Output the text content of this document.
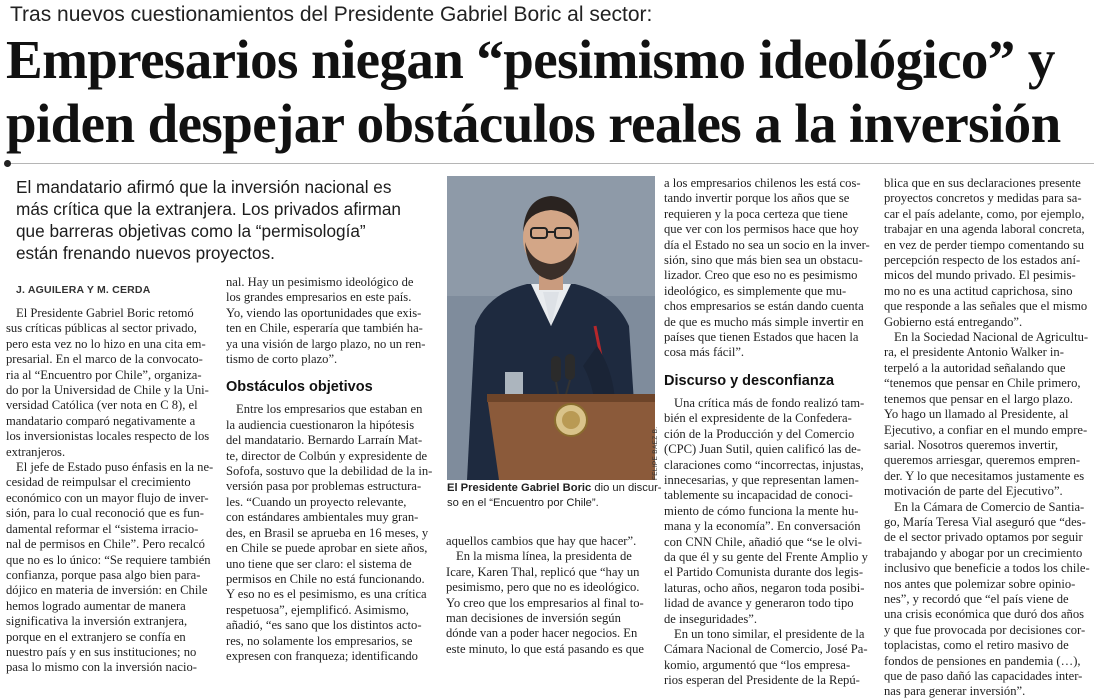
Tras nuevos cuestionamientos del Presidente Gabriel Boric al sector:
Empresarios niegan “pesimismo ideológico” y
piden despejar obstáculos reales a la inversión
El mandatario afirmó que la inversión nacional es
más crítica que la extranjera. Los privados afirman
que barreras objetivas como la “permisología”
están frenando nuevos proyectos.
J. AGUILERA Y M. CERDA
El Presidente Gabriel Boric retomó
sus críticas públicas al sector privado,
pero esta vez no lo hizo en una cita em-
presarial. En el marco de la convocato-
ria al “Encuentro por Chile”, organiza-
do por la Universidad de Chile y la Uni-
versidad Católica (ver nota en C 8), el
mandatario comparó negativamente a
los inversionistas locales respecto de los
extranjeros.
El jefe de Estado puso énfasis en la ne-
cesidad de reimpulsar el crecimiento
económico con un mayor flujo de inver-
sión, para lo cual reconoció que es fun-
damental reformar el “sistema irracio-
nal de permisos en Chile”. Pero recalcó
que no es lo único: “Se requiere también
confianza, porque pasa algo bien para-
dójico en materia de inversión: en Chile
hemos logrado aumentar de manera
significativa la inversión extranjera,
porque en el extranjero se confía en
nuestro país y en sus instituciones; no
pasa lo mismo con la inversión nacio-
nal. Hay un pesimismo ideológico de
los grandes empresarios en este país.
Yo, viendo las oportunidades que exis-
ten en Chile, esperaría que también ha-
ya una visión de largo plazo, no un ren-
tismo de corto plazo”.
Obstáculos objetivos
Entre los empresarios que estaban en
la audiencia cuestionaron la hipótesis
del mandatario. Bernardo Larraín Mat-
te, director de Colbún y expresidente de
Sofofa, sostuvo que la debilidad de la in-
versión pasa por problemas estructura-
les. “Cuando un proyecto relevante,
con estándares ambientales muy gran-
des, en Brasil se aprueba en 16 meses, y
en Chile se puede aprobar en siete años,
uno tiene que ser claro: el sistema de
permisos en Chile no está funcionando.
Y eso no es el pesimismo, es una crítica
respetuosa”, ejemplificó. Asimismo,
añadió, “es sano que los distintos acto-
res, no solamente los empresarios, se
expresen con franqueza; identificando
FELIPE BAEZ B.
El Presidente Gabriel Boric dio un discur-
so en el “Encuentro por Chile”.
aquellos cambios que hay que hacer”.
En la misma línea, la presidenta de
Icare, Karen Thal, replicó que “hay un
pesimismo, pero que no es ideológico.
Yo creo que los empresarios al final to-
man decisiones de inversión según
dónde van a poder hacer negocios. En
este minuto, lo que está pasando es que
a los empresarios chilenos les está cos-
tando invertir porque los años que se
requieren y la poca certeza que tiene
que ver con los permisos hace que hoy
día el Estado no sea un socio en la inver-
sión, sino que más bien sea un obstacu-
lizador. Creo que eso no es pesimismo
ideológico, es simplemente que mu-
chos empresarios se están dando cuenta
de que es mucho más simple invertir en
países que tienen Estados que hacen la
cosa más fácil”.
Discurso y desconfianza
Una crítica más de fondo realizó tam-
bién el expresidente de la Confedera-
ción de la Producción y del Comercio
(CPC) Juan Sutil, quien calificó las de-
claraciones como “incorrectas, injustas,
innecesarias, y que representan lamen-
tablemente su incapacidad de conoci-
miento de cómo funciona la mente hu-
mana y la economía”. En conversación
con CNN Chile, añadió que “se le olvi-
da que él y su gente del Frente Amplio y
el Partido Comunista durante dos legis-
laturas, ocho años, negaron toda posibi-
lidad de avance y generaron todo tipo
de inseguridades”.
En un tono similar, el presidente de la
Cámara Nacional de Comercio, José Pa-
komio, argumentó que “los empresa-
rios esperan del Presidente de la Repú-
blica que en sus declaraciones presente
proyectos concretos y medidas para sa-
car el país adelante, como, por ejemplo,
trabajar en una agenda laboral concreta,
en vez de perder tiempo comentando su
percepción respecto de los estados aní-
micos del mundo privado. El pesimis-
mo no es una actitud caprichosa, sino
que responde a las señales que el mismo
Gobierno está entregando”.
En la Sociedad Nacional de Agricultu-
ra, el presidente Antonio Walker in-
terpeló a la autoridad señalando que
“tenemos que pensar en Chile primero,
tenemos que pensar en el largo plazo.
Yo hago un llamado al Presidente, al
Ejecutivo, a confiar en el mundo empre-
sarial. Nosotros queremos invertir,
queremos arriesgar, queremos empren-
der. Y lo que necesitamos justamente es
motivación de parte del Ejecutivo”.
En la Cámara de Comercio de Santia-
go, María Teresa Vial aseguró que “des-
de el sector privado optamos por seguir
trabajando y abogar por un crecimiento
inclusivo que beneficie a todos los chile-
nos antes que polemizar sobre opinio-
nes”, y recordó que “el país viene de
una crisis económica que duró dos años
y que fue provocada por decisiones cor-
toplacistas, como el retiro masivo de
fondos de pensiones en pandemia (…),
que de paso dañó las capacidades inter-
nas para generar inversión”.
